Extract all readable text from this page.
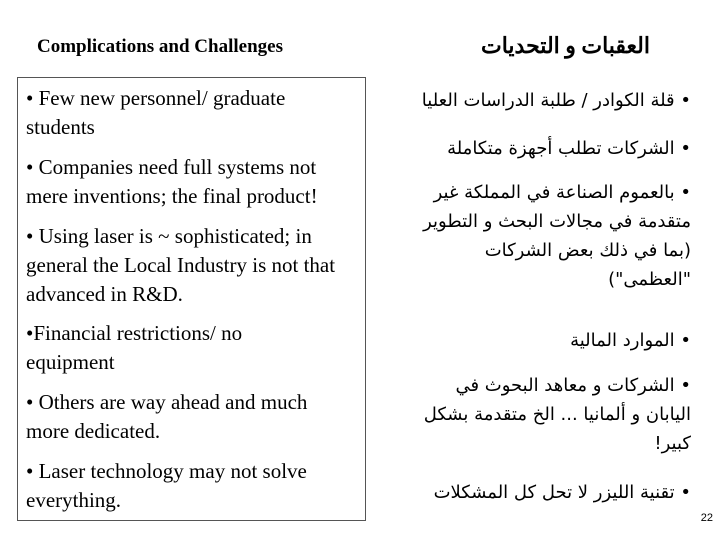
Complications and Challenges	العقبات و التحديات
• Few new personnel/ graduate
students
• Companies need full systems not
mere inventions; the final product!
• Using laser is ~ sophisticated; in
general the Local Industry is not that
advanced in R&D.
•Financial restrictions/ no
equipment
• Others are way ahead and much
more dedicated.
• Laser technology may not solve
everything.
• قلة الكوادر / طلبة الدراسات العليا
• الشركات تطلب أجهزة متكاملة
• بالعموم الصناعة في المملكة غير
متقدمة في مجالات البحث و التطوير
(بما في ذلك بعض الشركات
"العظمى")
• الموارد المالية
• الشركات و معاهد البحوث في
اليابان و ألمانيا ... الخ متقدمة بشكل
كبير!
• تقنية الليزر لا تحل كل المشكلات
22
